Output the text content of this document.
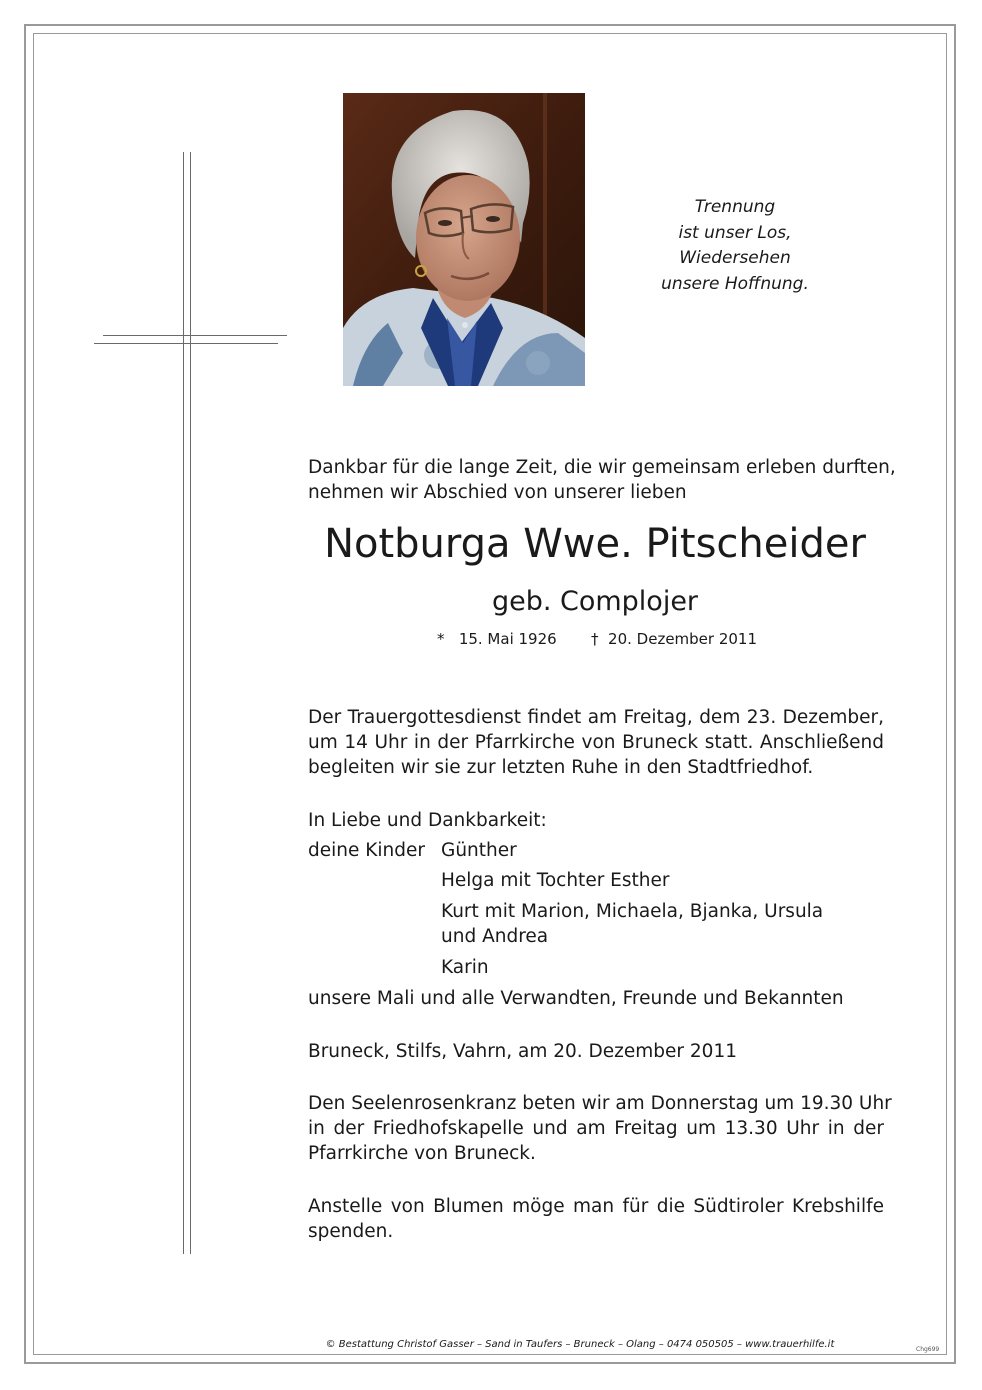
Trennung
ist unser Los,
Wiedersehen
unsere Hoffnung.
Dankbar für die lange Zeit, die wir gemeinsam erleben durften,
nehmen wir Abschied von unserer lieben
Notburga Wwe. Pitscheider
geb. Complojer
* 15. Mai 1926 † 20. Dezember 2011
Der Trauergottesdienst findet am Freitag, dem 23. Dezember,
um 14 Uhr in der Pfarrkirche von Bruneck statt. Anschließend
begleiten wir sie zur letzten Ruhe in den Stadtfriedhof.
In Liebe und Dankbarkeit:
deine Kinder Günther
Helga mit Tochter Esther
Kurt mit Marion, Michaela, Bjanka, Ursula
und Andrea
Karin
unsere Mali und alle Verwandten, Freunde und Bekannten
Bruneck, Stilfs, Vahrn, am 20. Dezember 2011
Den Seelenrosenkranz beten wir am Donnerstag um 19.30 Uhr
in der Friedhofskapelle und am Freitag um 13.30 Uhr in der
Pfarrkirche von Bruneck.
Anstelle von Blumen möge man für die Südtiroler Krebshilfe
spenden.
© Bestattung Christof Gasser – Sand in Taufers – Bruneck – Olang – 0474 050505 – www.trauerhilfe.it	Chg699
